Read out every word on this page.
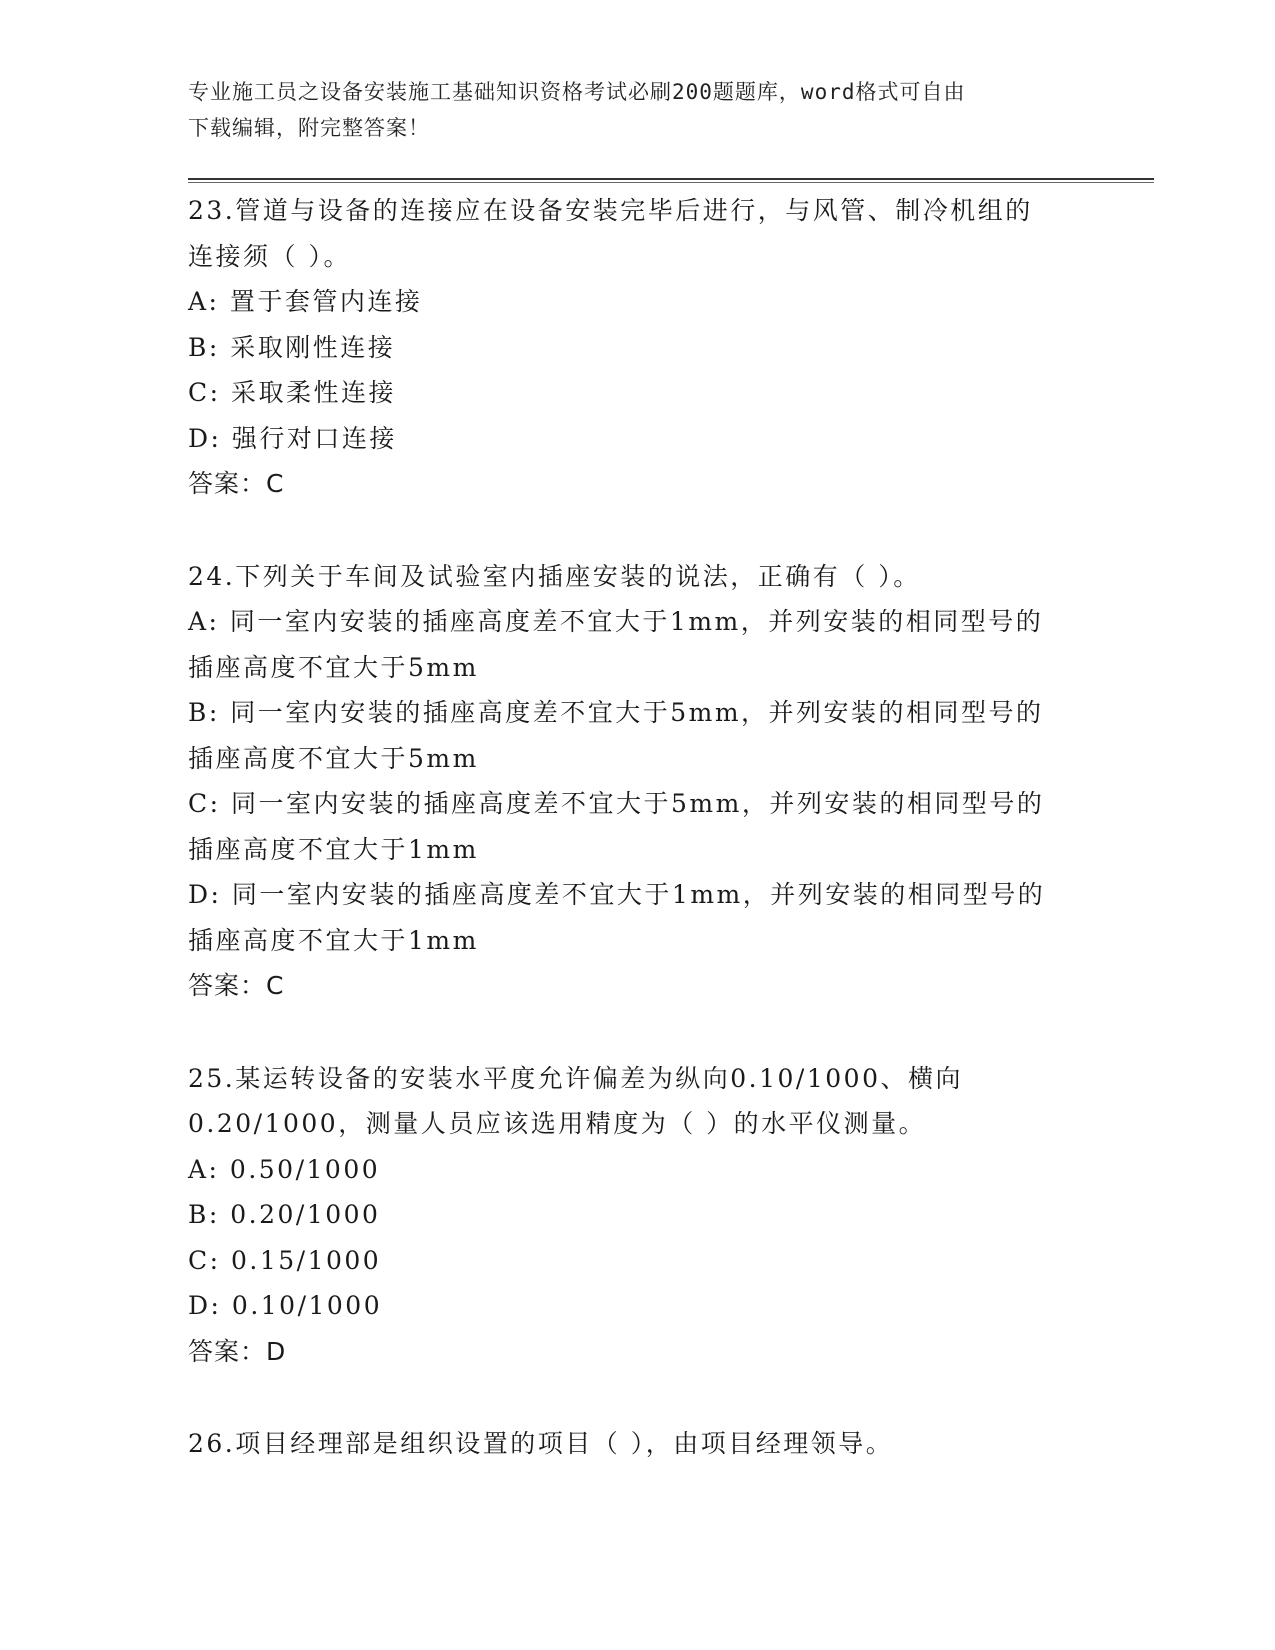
专业施工员之设备安装施工基础知识资格考试必刷200题题库，word格式可自由
下载编辑，附完整答案！
23.管道与设备的连接应在设备安装完毕后进行，与风管、制冷机组的
连接须（ ）。
A: 置于套管内连接
B: 采取刚性连接
C: 采取柔性连接
D: 强行对口连接
答案：C
24.下列关于车间及试验室内插座安装的说法，正确有（ ）。
A: 同一室内安装的插座高度差不宜大于1mm，并列安装的相同型号的
插座高度不宜大于5mm
B: 同一室内安装的插座高度差不宜大于5mm，并列安装的相同型号的
插座高度不宜大于5mm
C: 同一室内安装的插座高度差不宜大于5mm，并列安装的相同型号的
插座高度不宜大于1mm
D: 同一室内安装的插座高度差不宜大于1mm，并列安装的相同型号的
插座高度不宜大于1mm
答案：C
25.某运转设备的安装水平度允许偏差为纵向0.10/1000、横向
0.20/1000，测量人员应该选用精度为（ ）的水平仪测量。
A: 0.50/1000
B: 0.20/1000
C: 0.15/1000
D: 0.10/1000
答案：D
26.项目经理部是组织设置的项目（ ），由项目经理领导。
